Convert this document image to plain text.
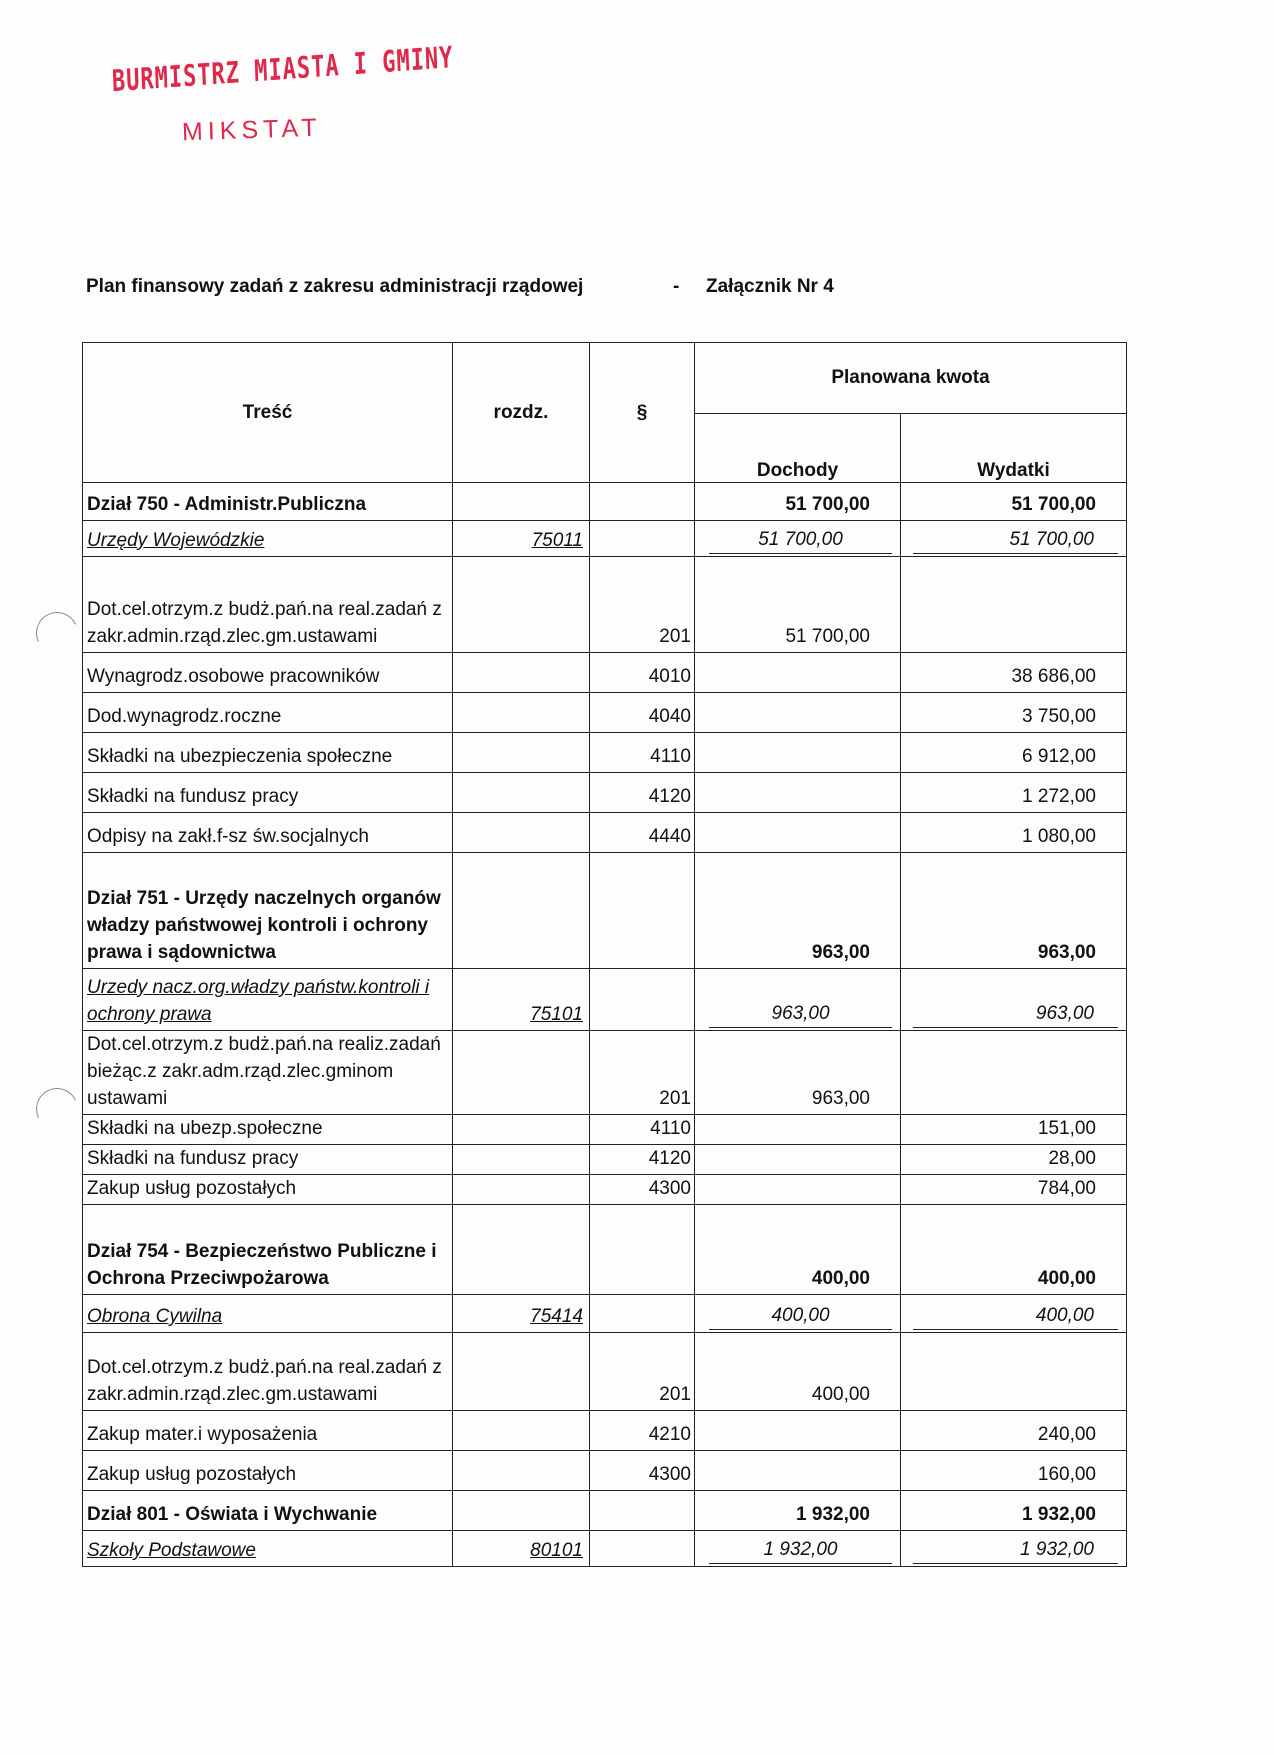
BURMISTRZ MIASTA I GMINY
MIKSTAT
Plan finansowy zadań z zakresu administracji rządowej	- Załącznik Nr 4
Treść	rozdz.	§	Planowana kwota	
			Dochody	Wydatki
Dział 750 - Administr.Publiczna			51 700,00	51 700,00
Urzędy Wojewódzkie	75011		51 700,00	51 700,00

Dot.cel.otrzym.z budż.pań.na real.zadań z zakr.admin.rząd.zlec.gm.ustawami		201	51 700,00	
Wynagrodz.osobowe pracowników		4010		38 686,00
Dod.wynagrodz.roczne		4040		3 750,00
Składki na ubezpieczenia społeczne		4110		6 912,00
Składki na fundusz pracy		4120		1 272,00
Odpisy na zakł.f-sz św.socjalnych		4440		1 080,00
Dział 751 - Urzędy naczelnych organów władzy państwowej kontroli i ochrony prawa i sądownictwa			963,00	963,00
Urzedy nacz.org.władzy państw.kontroli i ochrony prawa	75101		963,00	963,00

Dot.cel.otrzym.z budż.pań.na realiz.zadań bieżąc.z zakr.adm.rząd.zlec.gminom ustawami		201	963,00	
Składki na ubezp.społeczne		4110		151,00
Składki na fundusz pracy		4120		28,00
Zakup usług pozostałych		4300		784,00
Dział 754 - Bezpieczeństwo Publiczne i Ochrona Przeciwpożarowa			400,00	400,00
Obrona Cywilna	75414		400,00	400,00

Dot.cel.otrzym.z budż.pań.na real.zadań z zakr.admin.rząd.zlec.gm.ustawami		201	400,00	
Zakup mater.i wyposażenia		4210		240,00
Zakup usług pozostałych		4300		160,00
Dział 801 - Oświata i Wychwanie			1 932,00	1 932,00
Szkoły Podstawowe	80101		1 932,00	1 932,00
